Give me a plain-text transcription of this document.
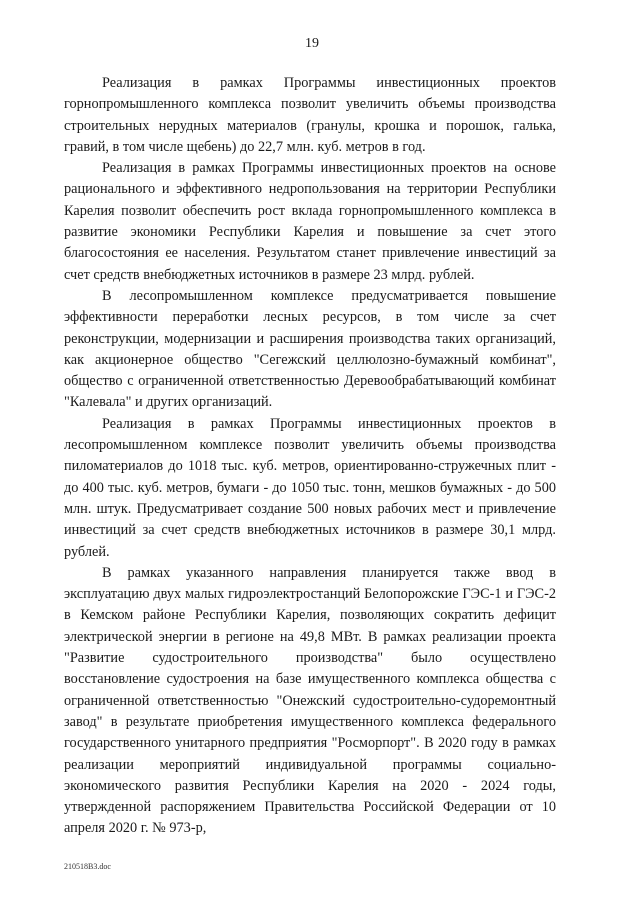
19

Реализация в рамках Программы инвестиционных проектов горнопромышленного комплекса позволит увеличить объемы производства строительных нерудных материалов (гранулы, крошка и порошок, галька, гравий, в том числе щебень) до 22,7 млн. куб. метров в год.

Реализация в рамках Программы инвестиционных проектов на основе рационального и эффективного недропользования на территории Республики Карелия позволит обеспечить рост вклада горнопромышленного комплекса в развитие экономики Республики Карелия и повышение за счет этого благосостояния ее населения. Результатом станет привлечение инвестиций за счет средств внебюджетных источников в размере 23 млрд. рублей.

В лесопромышленном комплексе предусматривается повышение эффективности переработки лесных ресурсов, в том числе за счет реконструкции, модернизации и расширения производства таких организаций, как акционерное общество "Сегежский целлюлозно-бумажный комбинат", общество с ограниченной ответственностью Деревообрабатывающий комбинат "Калевала" и других организаций.

Реализация в рамках Программы инвестиционных проектов в лесопромышленном комплексе позволит увеличить объемы производства пиломатериалов до 1018 тыс. куб. метров, ориентированно-стружечных плит - до 400 тыс. куб. метров, бумаги - до 1050 тыс. тонн, мешков бумажных - до 500 млн. штук. Предусматривает создание 500 новых рабочих мест и привлечение инвестиций за счет средств внебюджетных источников в размере 30,1 млрд. рублей.

В рамках указанного направления планируется также ввод в эксплуатацию двух малых гидроэлектростанций Белопорожские ГЭС-1 и ГЭС-2 в Кемском районе Республики Карелия, позволяющих сократить дефицит электрической энергии в регионе на 49,8 МВт. В рамках реализации проекта "Развитие судостроительного производства" было осуществлено восстановление судостроения на базе имущественного комплекса общества с ограниченной ответственностью "Онежский судостроительно-судоремонтный завод" в результате приобретения имущественного комплекса федерального государственного унитарного предприятия "Росморпорт". В 2020 году в рамках реализации мероприятий индивидуальной программы социально-экономического развития Республики Карелия на 2020 - 2024 годы, утвержденной распоряжением Правительства Российской Федерации от 10 апреля 2020 г. № 973-р,

210518B3.doc
